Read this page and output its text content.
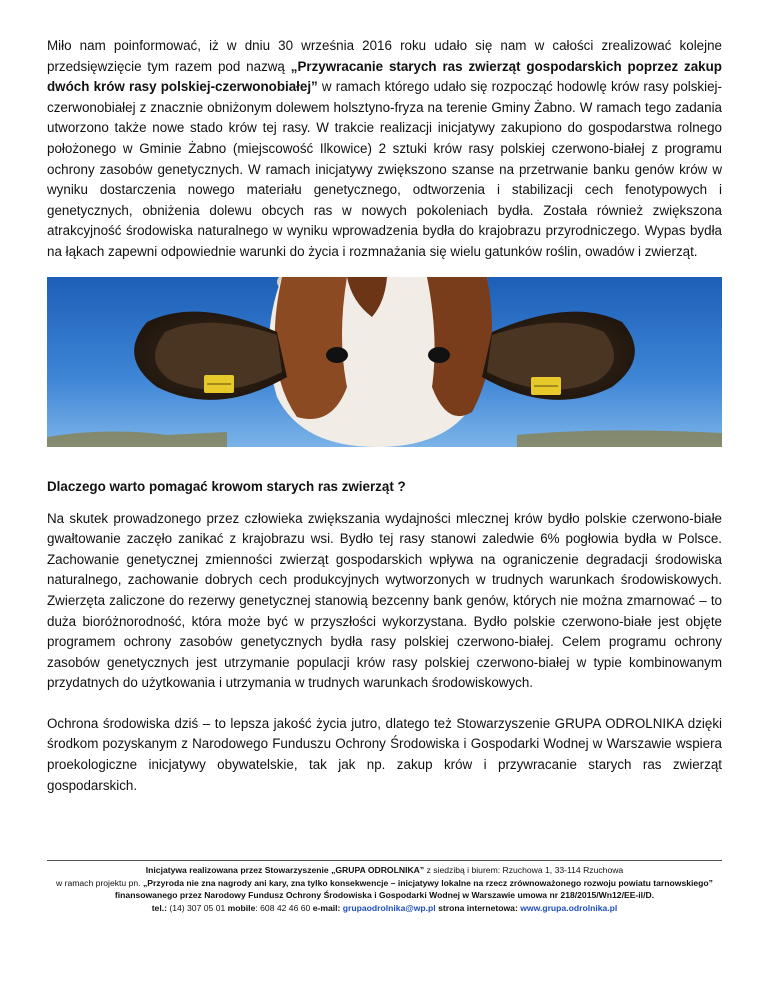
Miło nam poinformować, iż w dniu 30 września 2016 roku udało się nam w całości zrealizować kolejne przedsięwzięcie tym razem pod nazwą „Przywracanie starych ras zwierząt gospodarskich poprzez zakup dwóch krów rasy polskiej-czerwonobiałej” w ramach którego udało się rozpocząć hodowlę krów rasy polskiej-czerwonobiałej z znacznie obniżonym dolewem holsztyno-fryza na terenie Gminy Żabno. W ramach tego zadania utworzono także nowe stado krów tej rasy. W trakcie realizacji inicjatywy zakupiono do gospodarstwa rolnego położonego w Gminie Żabno (miejscowość Ilkowice) 2 sztuki krów rasy polskiej czerwono-białej z programu ochrony zasobów genetycznych. W ramach inicjatywy zwiększono szanse na przetrwanie banku genów krów w wyniku dostarczenia nowego materiału genetycznego, odtworzenia i stabilizacji cech fenotypowych i genetycznych, obniżenia dolewu obcych ras w nowych pokoleniach bydła. Została również zwiększona atrakcyjność środowiska naturalnego w wyniku wprowadzenia bydła do krajobrazu przyrodniczego. Wypas bydła na łąkach zapewni odpowiednie warunki do życia i rozmnażania się wielu gatunków roślin, owadów i zwierząt.

Dlaczego warto pomagać krowom starych ras zwierząt ?

Na skutek prowadzonego przez człowieka zwiększania wydajności mlecznej krów bydło polskie czerwono-białe gwałtowanie zaczęło zanikać z krajobrazu wsi. Bydło tej rasy stanowi zaledwie 6% pogłowia bydła w Polsce. Zachowanie genetycznej zmienności zwierząt gospodarskich wpływa na ograniczenie degradacji środowiska naturalnego, zachowanie dobrych cech produkcyjnych wytworzonych w trudnych warunkach środowiskowych. Zwierzęta zaliczone do rezerwy genetycznej stanowią bezcenny bank genów, których nie można zmarnować – to duża bioróżnorodność, która może być w przyszłości wykorzystana. Bydło polskie czerwono-białe jest objęte programem ochrony zasobów genetycznych bydła rasy polskiej czerwono-białej. Celem programu ochrony zasobów genetycznych jest utrzymanie populacji krów rasy polskiej czerwono-białej w typie kombinowanym przydatnych do użytkowania i utrzymania w trudnych warunkach środowiskowych.

Ochrona środowiska dziś – to lepsza jakość życia jutro, dlatego też Stowarzyszenie GRUPA ODROLNIKA dzięki środkom pozyskanym z Narodowego Funduszu Ochrony Środowiska i Gospodarki Wodnej w Warszawie wspiera proekologiczne inicjatywy obywatelskie, tak jak np. zakup krów i przywracanie starych ras zwierząt gospodarskich.

Inicjatywa realizowana przez Stowarzyszenie „GRUPA ODROLNIKA” z siedzibą i biurem: Rzuchowa 1, 33-114 Rzuchowa
w ramach projektu pn. „Przyroda nie zna nagrody ani kary, zna tylko konsekwencje – inicjatywy lokalne na rzecz zrównoważonego rozwoju powiatu tarnowskiego” finansowanego przez Narodowy Fundusz Ochrony Środowiska i Gospodarki Wodnej w Warszawie umowa nr 218/2015/Wn12/EE-il/D.
tel.: (14) 307 05 01 mobile: 608 42 46 60 e-mail: grupaodrolnika@wp.pl strona internetowa: www.grupa.odrolnika.pl
